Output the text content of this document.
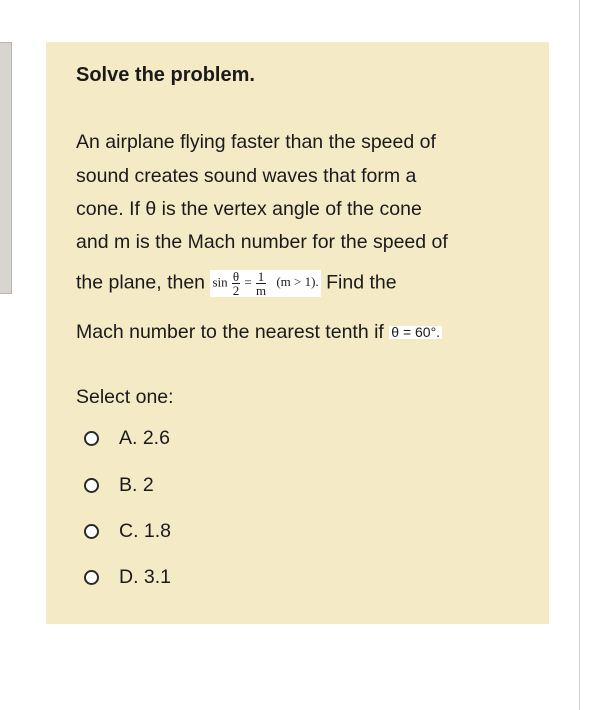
Solve the problem.
An airplane flying faster than the speed of
sound creates sound waves that form a
cone. If θ is the vertex angle of the cone
and m is the Mach number for the speed of
the plane, then $\sin \frac{\theta}{2} = \frac{1}{m} (m > 1)$. Find the
Mach number to the nearest tenth if θ = 60°.
Select one:
A. 2.6
B. 2
C. 1.8
D. 3.1
